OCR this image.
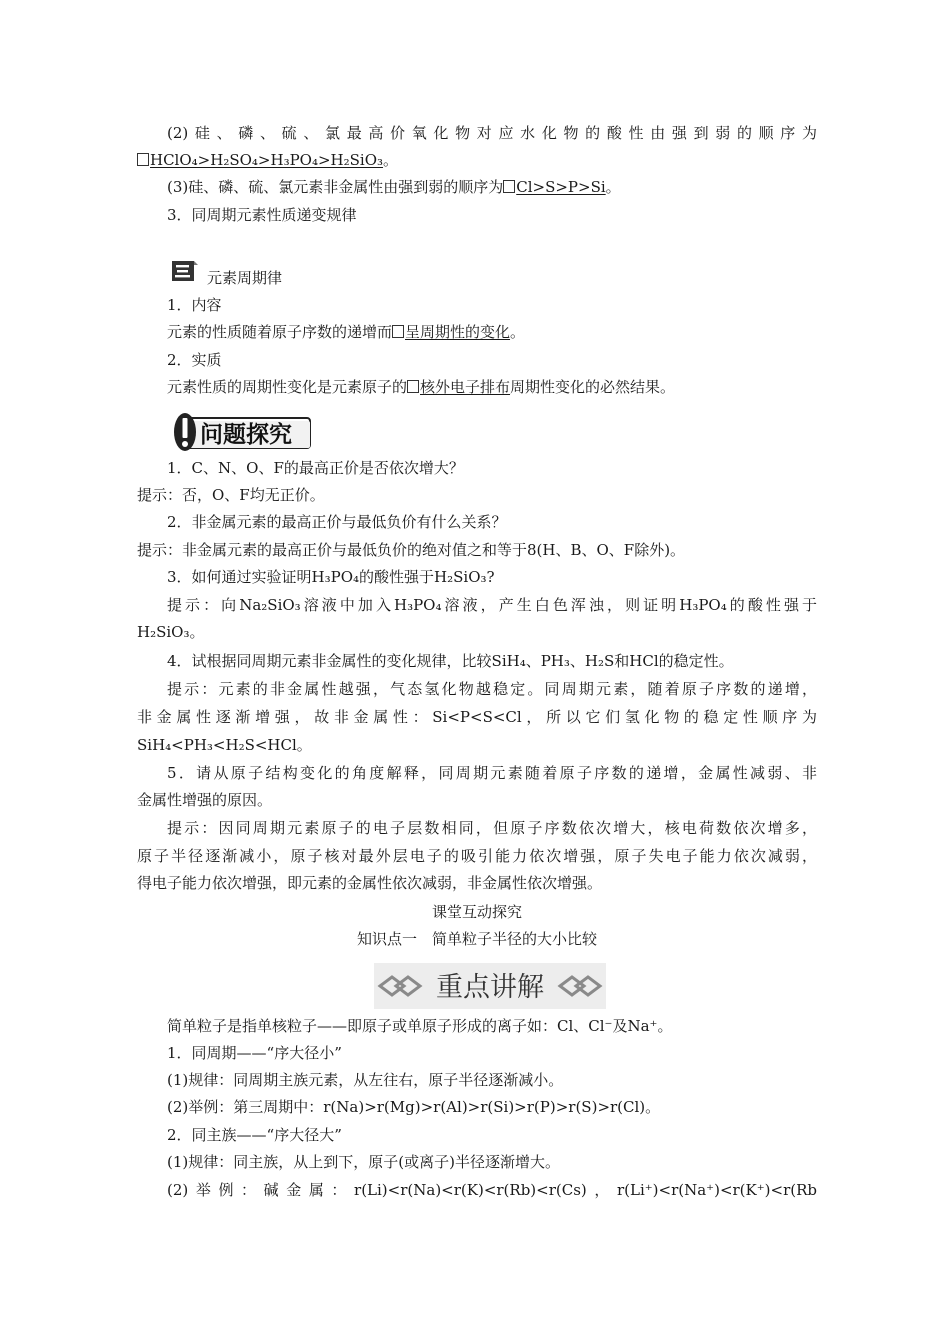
(2)硅、磷、硫、氯最高价氧化物对应水化物的酸性由强到弱的顺序为
HClO₄>H₂SO₄>H₃PO₄>H₂SiO₃。
(3)硅、磷、硫、氯元素非金属性由强到弱的顺序为 Cl>S>P>Si。
3．同周期元素性质递变规律
元素周期律
1．内容
元素的性质随着原子序数的递增而 呈周期性的变化。
2．实质
元素性质的周期性变化是元素原子的 核外电子排布周期性变化的必然结果。
问题探究
1．C、N、O、F的最高正价是否依次增大？
提示：否，O、F均无正价。
2．非金属元素的最高正价与最低负价有什么关系？
提示：非金属元素的最高正价与最低负价的绝对值之和等于8(H、B、O、F除外)。
3．如何通过实验证明H₃PO₄的酸性强于H₂SiO₃?
提示：向Na₂SiO₃溶液中加入H₃PO₄溶液，产生白色浑浊，则证明H₃PO₄的酸性强于
H₂SiO₃。
4．试根据同周期元素非金属性的变化规律，比较SiH₄、PH₃、H₂S和HCl的稳定性。
提示：元素的非金属性越强，气态氢化物越稳定。同周期元素，随着原子序数的递增，
非金属性逐渐增强，故非金属性：Si<P<S<Cl，所以它们氢化物的稳定性顺序为
SiH₄<PH₃<H₂S<HCl。
5．请从原子结构变化的角度解释，同周期元素随着原子序数的递增，金属性减弱、非
金属性增强的原因。
提示：因同周期元素原子的电子层数相同，但原子序数依次增大，核电荷数依次增多，
原子半径逐渐减小，原子核对最外层电子的吸引能力依次增强，原子失电子能力依次减弱，
得电子能力依次增强，即元素的金属性依次减弱，非金属性依次增强。
课堂互动探究
知识点一　简单粒子半径的大小比较
重点讲解
简单粒子是指单核粒子——即原子或单原子形成的离子如：Cl、Cl⁻及Na⁺。
1．同周期——“序大径小”
(1)规律：同周期主族元素，从左往右，原子半径逐渐减小。
(2)举例：第三周期中：r(Na)>r(Mg)>r(Al)>r(Si)>r(P)>r(S)>r(Cl)。
2．同主族——“序大径大”
(1)规律：同主族，从上到下，原子(或离子)半径逐渐增大。
(2)举例：碱金属：r(Li)<r(Na)<r(K)<r(Rb)<r(Cs)，r(Li⁺)<r(Na⁺)<r(K⁺)<r(Rb
